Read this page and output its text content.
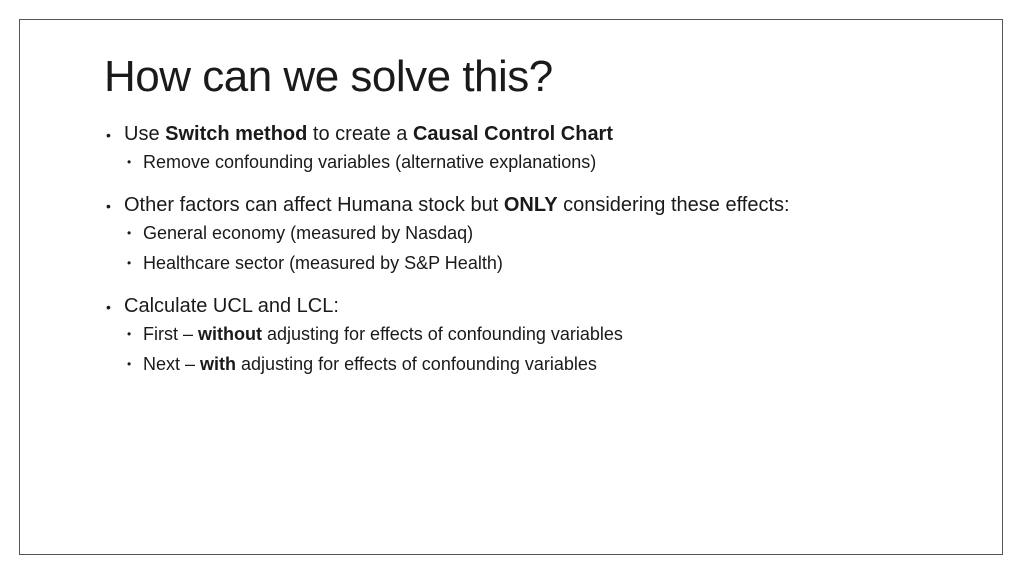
How can we solve this?
• Use Switch method to create a Causal Control Chart
• Remove confounding variables (alternative explanations)
• Other factors can affect Humana stock but ONLY considering these effects:
• General economy (measured by Nasdaq)
• Healthcare sector (measured by S&P Health)
• Calculate UCL and LCL:
• First – without adjusting for effects of confounding variables
• Next – with adjusting for effects of confounding variables
